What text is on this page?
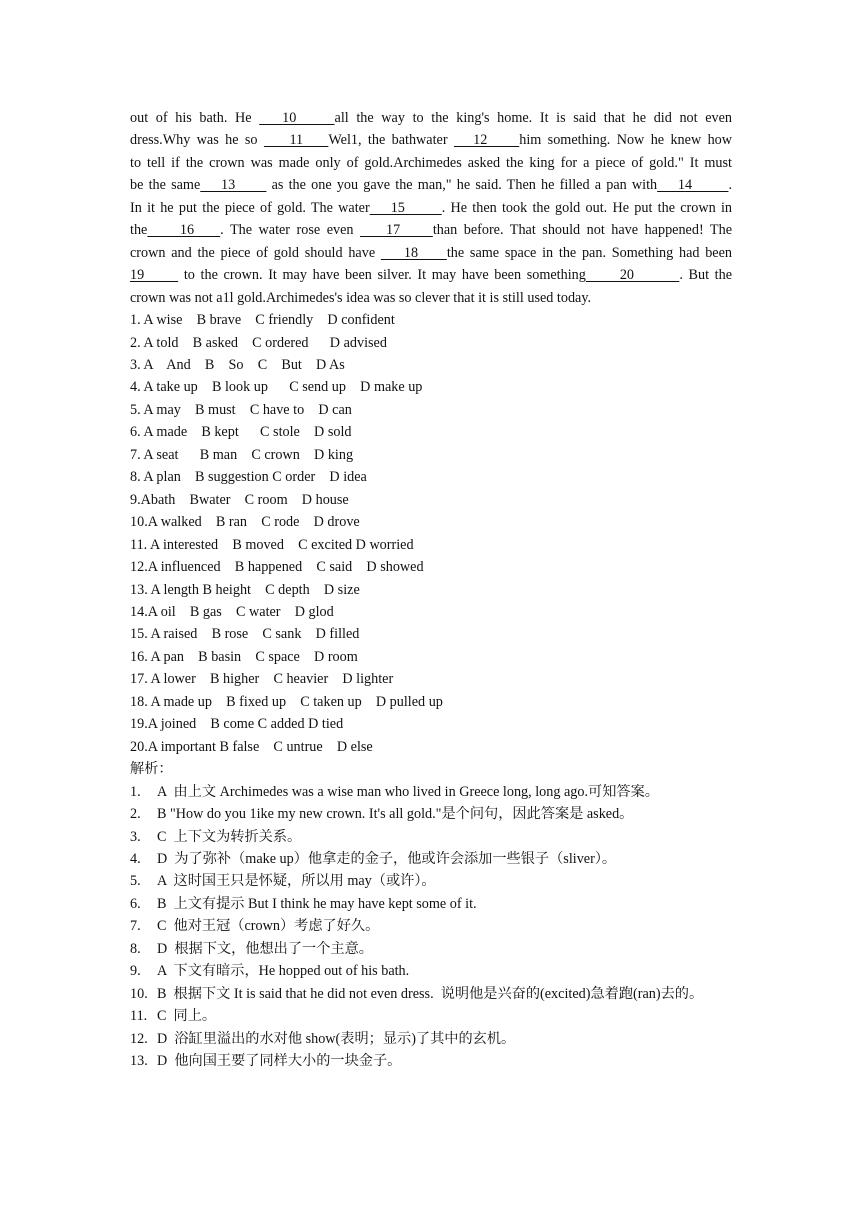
out of his bath. He    10     all the way to the king's home. It is said that he did not even
dress.Why was he so     11    Wel1, the bathwater    12     him something. Now he knew how
to tell if the crown was made only of gold.Archimedes asked the king for a piece of gold." It must
be the same    13       as the one you gave the man," he said. Then he filled a pan with    14       .
In it he put the piece of gold. The water    15       . He then took the gold out. He put the crown in
the     16    . The water rose even     17     than before. That should not have happened! The
crown and the piece of gold should have     18     the same space in the pan. Something had been
19       to the crown. It may have been silver. It may have been something      20        . But the
crown was not a1l gold.Archimedes's idea was so clever that it is still used today.
1. A wise    B brave    C friendly    D confident
2. A told    B asked    C ordered      D advised
3. A    And    B    So    C    But    D As
4. A take up    B look up      C send up    D make up
5. A may    B must    C have to    D can
6. A made    B kept      C stole    D sold
7. A seat      B man    C crown    D king
8. A plan    B suggestion C order    D idea
9.Abath    Bwater    C room    D house
10.A walked    B ran    C rode    D drove
11. A interested    B moved    C excited D worried
12.A influenced    B happened    C said    D showed
13. A length B height    C depth    D size
14.A oil    B gas    C water    D glod
15. A raised    B rose    C sank    D filled
16. A pan    B basin    C space    D room
17. A lower    B higher    C heavier    D lighter
18. A made up    B fixed up    C taken up    D pulled up
19.A joined    B come C added D tied
20.A important B false    C untrue    D else
解析：
1. A  由上文 Archimedes was a wise man who lived in Greece long, long ago.可知答案。
2. B "How do you 1ike my new crown. It's all gold."是个问句，因此答案是 asked。
3. C  上下文为转折关系。
4. D  为了弥补（make up）他拿走的金子，他或许会添加一些银子（sliver）。
5. A  这时国王只是怀疑，所以用 may（或许）。
6. B  上文有提示 But I think he may have kept some of it.
7. C  他对王冠（crown）考虑了好久。
8. D  根据下文，他想出了一个主意。
9. A  下文有暗示，He hopped out of his bath.
10. B  根据下文 It is said that he did not even dress.  说明他是兴奋的(excited)急着跑(ran)去的。
11. C  同上。
12. D  浴缸里溢出的水对他 show(表明；显示)了其中的玄机。
13. D  他向国王要了同样大小的一块金子。
